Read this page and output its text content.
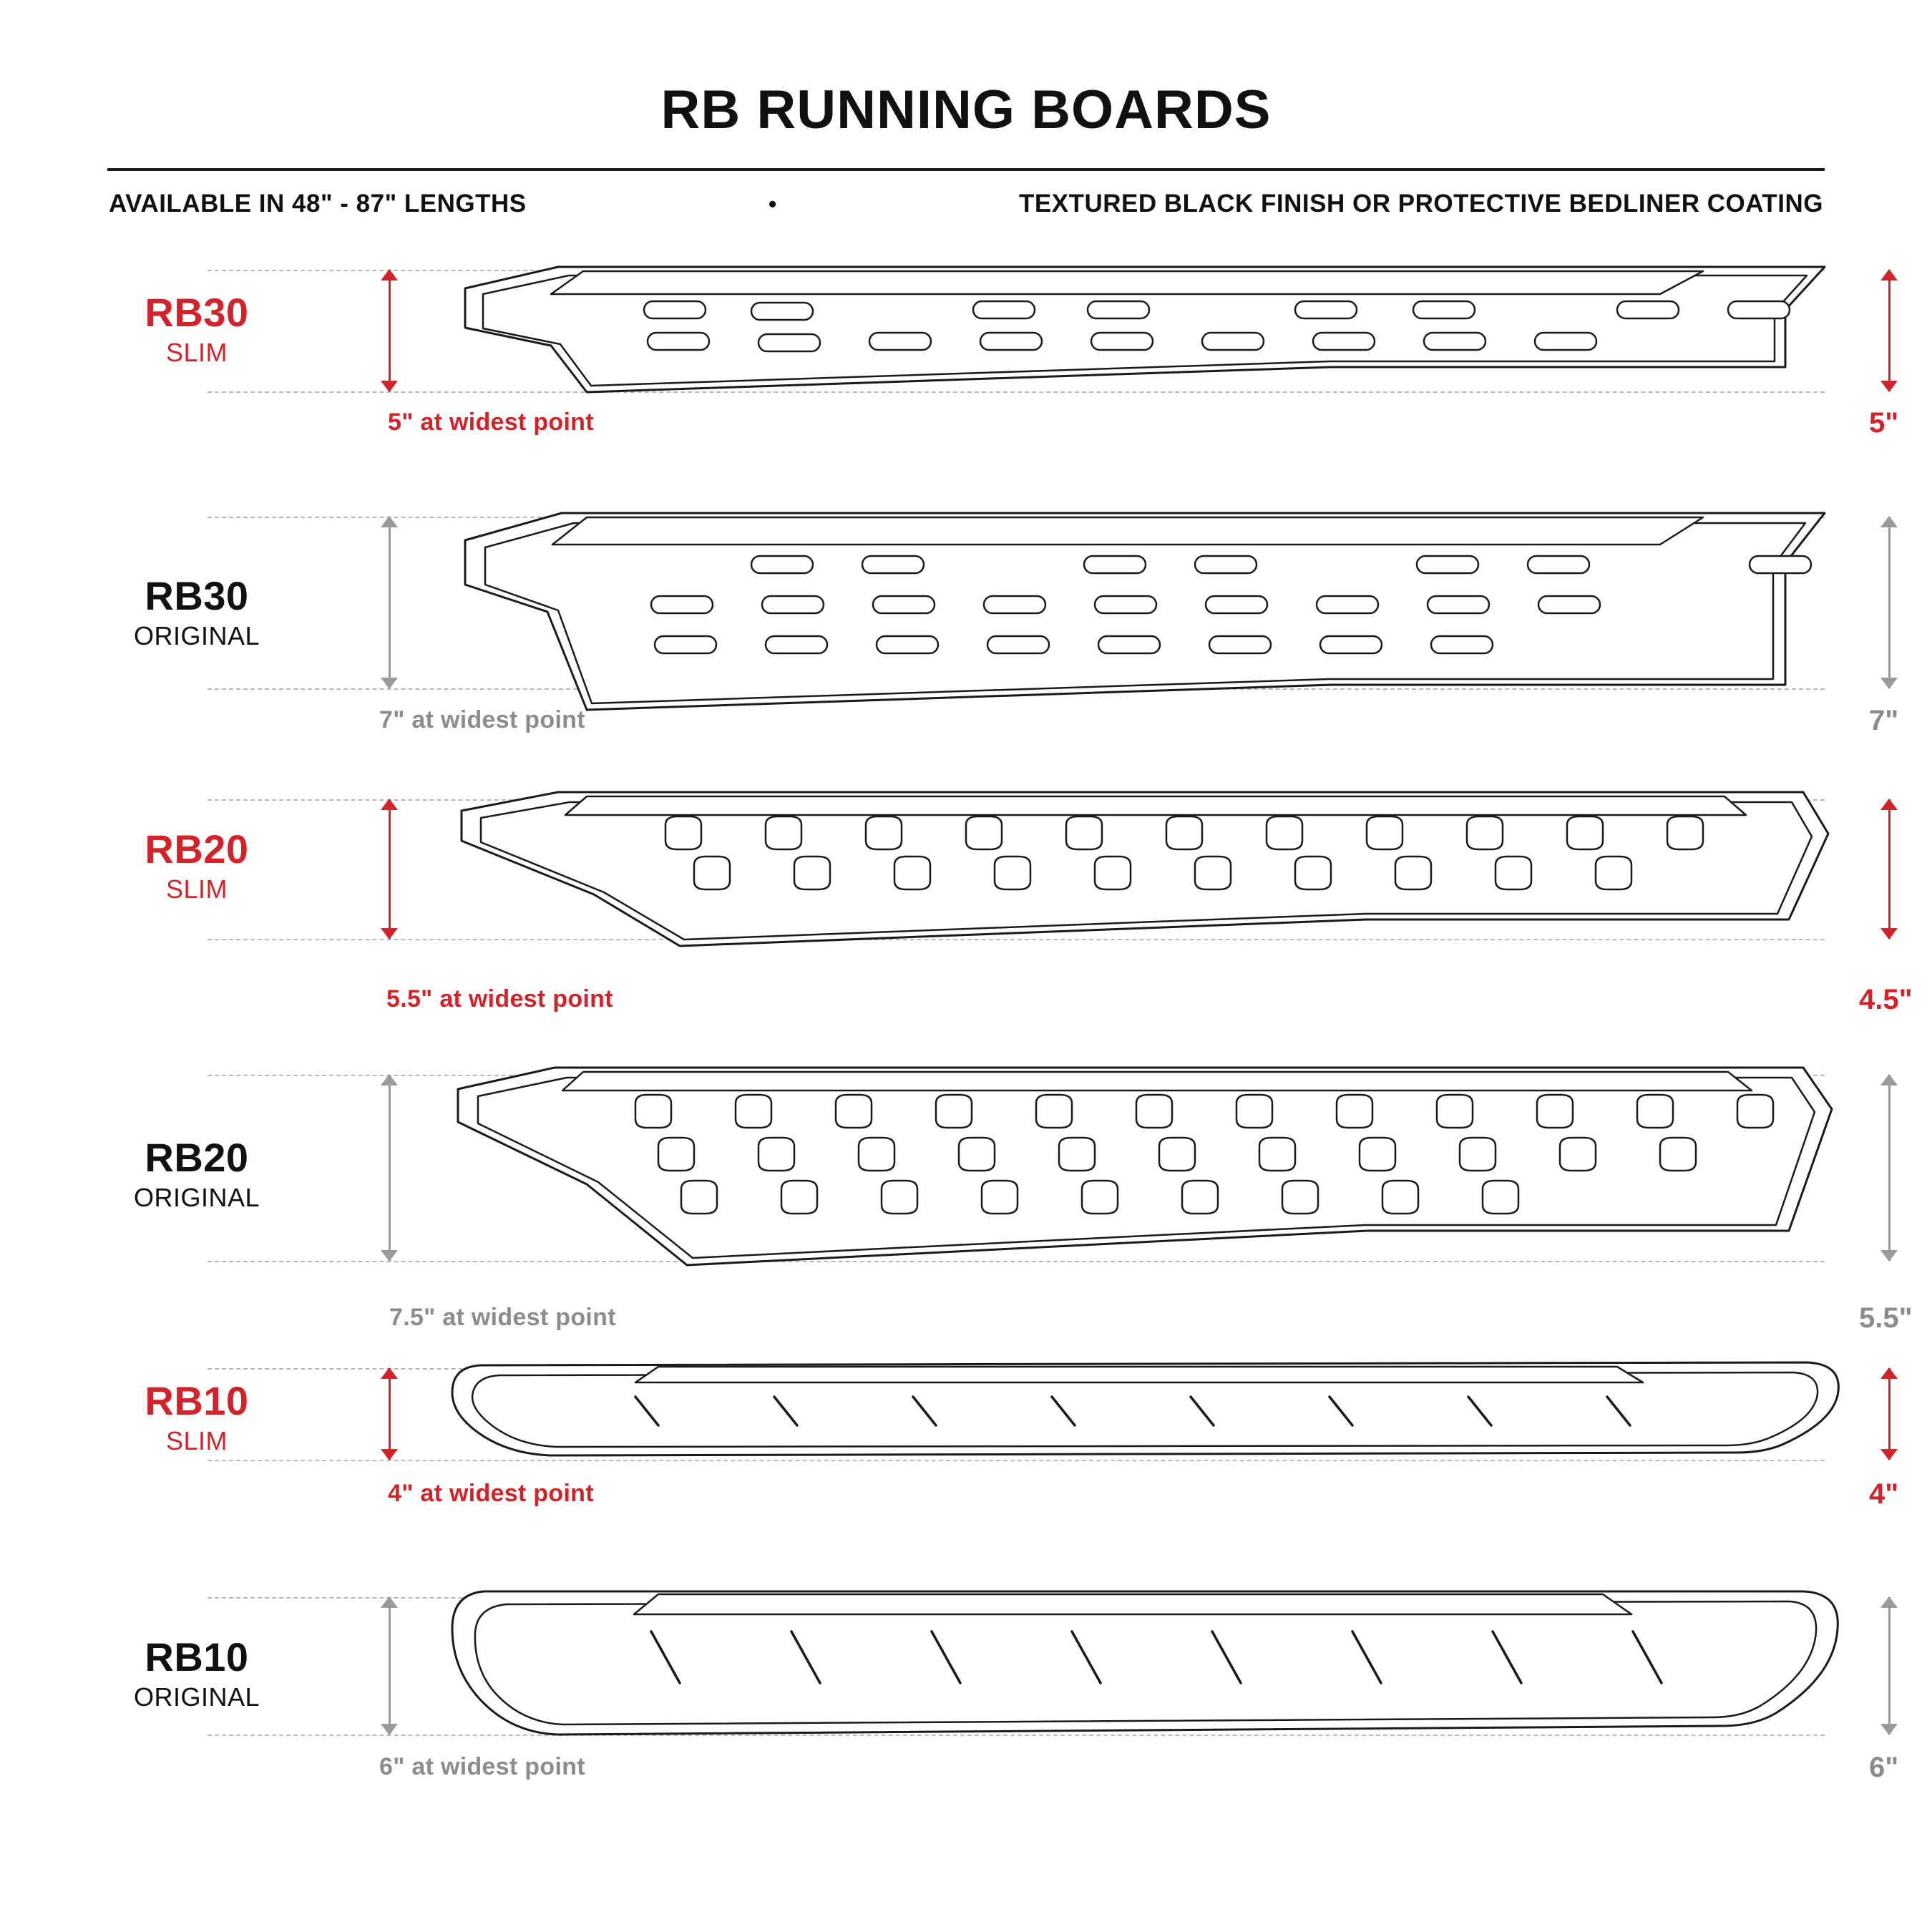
RB RUNNING BOARDS
AVAILABLE IN 48" - 87" LENGTHS	•	TEXTURED BLACK FINISH OR PROTECTIVE BEDLINER COATING
RB30
SLIM
5" at widest point	5"
RB30
ORIGINAL
7" at widest point	7"
RB20
SLIM
5.5" at widest point	4.5"
RB20
ORIGINAL
7.5" at widest point	5.5"
RB10
SLIM
4" at widest point	4"
RB10
ORIGINAL
6" at widest point	6"
